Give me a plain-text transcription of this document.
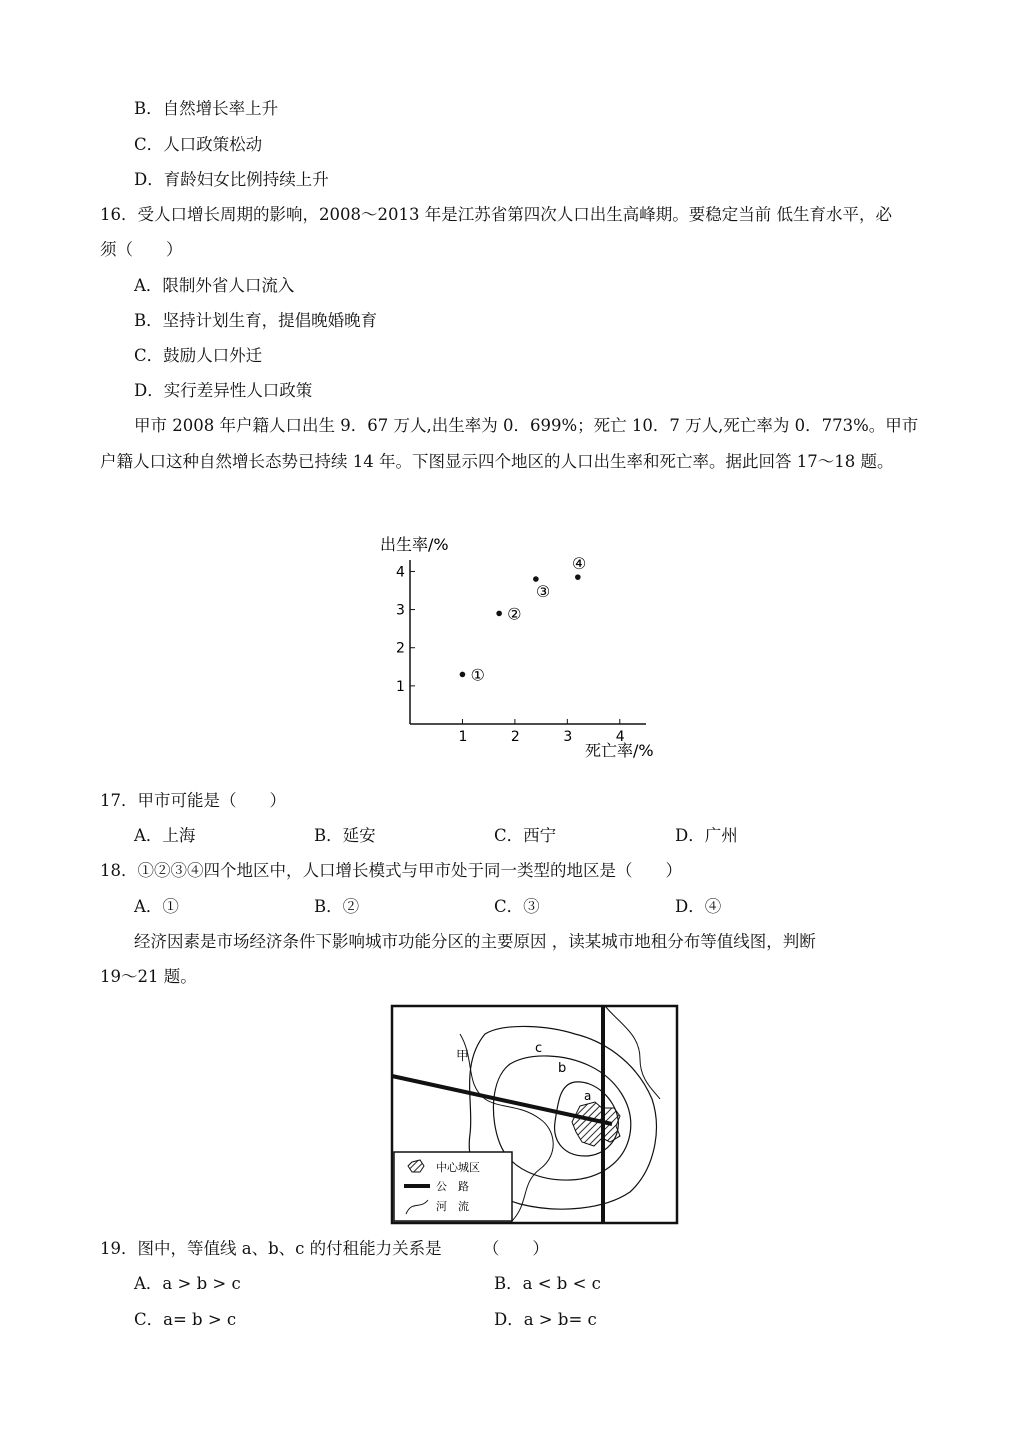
B．自然增长率上升
C．人口政策松动
D．育龄妇女比例持续上升
16．受人口增长周期的影响，2008～2013 年是江苏省第四次人口出生高峰期。要稳定当前 低生育水平，必
须（　　）
A．限制外省人口流入
B．坚持计划生育，提倡晚婚晚育
C．鼓励人口外迁
D．实行差异性人口政策
甲市 2008 年户籍人口出生 9．67 万人,出生率为 0．699%；死亡 10．7 万人,死亡率为 0．773%。甲市
户籍人口这种自然增长态势已持续 14 年。下图显示四个地区的人口出生率和死亡率。据此回答 17～18 题。
出生率/%
死亡率/%
1	2	3	4
1
2
3
4
①
②
③
④
17．甲市可能是（　　）
A．上海	B．延安	C．西宁	D．广州
18．①②③④四个地区中，人口增长模式与甲市处于同一类型的地区是（　　）
A．①	B．②	C．③	D．④
经济因素是市场经济条件下影响城市功能分区的主要原因 ，读某城市地租分布等值线图，判断
19～21 题。
甲
c
b
a
中心城区
公　路
河　流
19．图中，等值线 a、b、c 的付租能力关系是　　　（　　）
A．a > b > c	B．a < b < c
C．a= b > c	D．a > b= c
